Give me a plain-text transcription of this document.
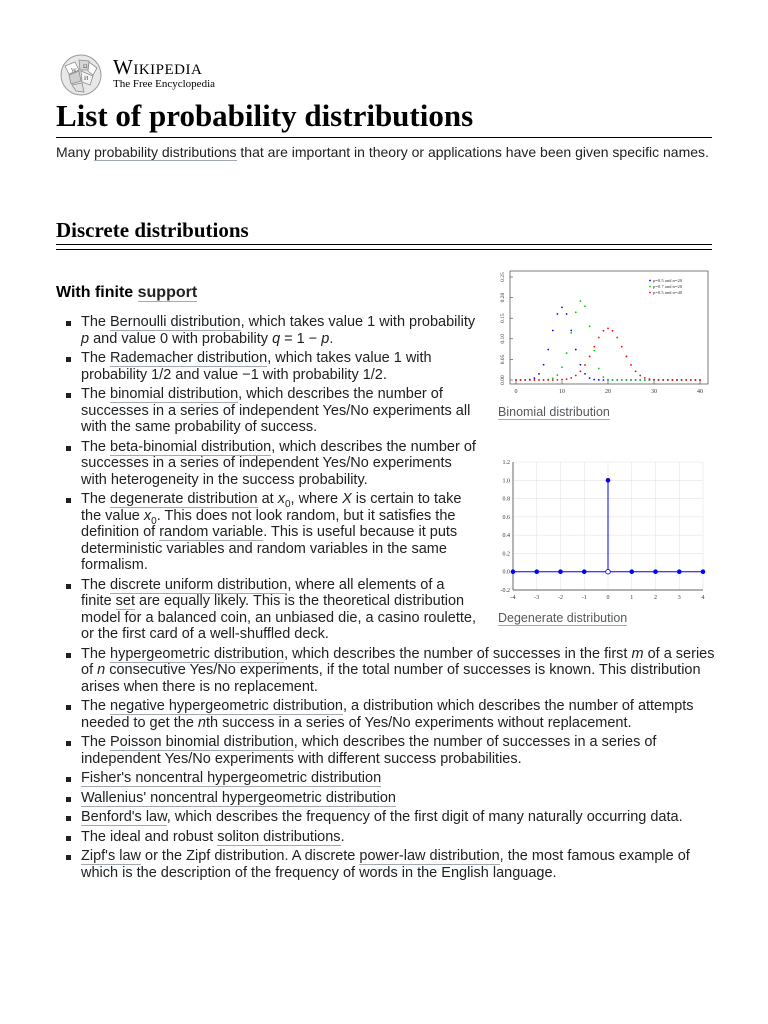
W
Ω
И Wikipedia
The Free Encyclopedia
List of probability distributions

Many probability distributions that are important in theory or applications have been given specific names.

Discrete distributions
With finite support
0.00
0.05
0.10
0.15
0.20
0.25
0	10	20	30	40
p=0.5 and n=20
p=0.7 and n=20
p=0.5 and n=40
Binomial distribution
-0.2
0.0
0.2
0.4
0.6
0.8
1.0
1.2
-4	-3	-2	-1	0	1	2	3	4
Degenerate distribution
The Bernoulli distribution, which takes value 1 with probability p and value 0 with probability q = 1 − p.
The Rademacher distribution, which takes value 1 with probability 1/2 and value −1 with probability 1/2.
The binomial distribution, which describes the number of successes in a series of independent Yes/No experiments all with the same probability of success.
The beta-binomial distribution, which describes the number of successes in a series of independent Yes/No experiments with heterogeneity in the success probability.
The degenerate distribution at $x_0$, where X is certain to take the value $x_0$. This does not look random, but it satisfies the definition of random variable. This is useful because it puts deterministic variables and random variables in the same formalism.
The discrete uniform distribution, where all elements of a finite set are equally likely. This is the theoretical distribution model for a balanced coin, an unbiased die, a casino roulette, or the first card of a well-shuffled deck.
The hypergeometric distribution, which describes the number of successes in the first m of a series of n consecutive Yes/No experiments, if the total number of successes is known. This distribution arises when there is no replacement.
The negative hypergeometric distribution, a distribution which describes the number of attempts needed to get the nth success in a series of Yes/No experiments without replacement.
The Poisson binomial distribution, which describes the number of successes in a series of independent Yes/No experiments with different success probabilities.
Fisher's noncentral hypergeometric distribution
Wallenius' noncentral hypergeometric distribution
Benford's law, which describes the frequency of the first digit of many naturally occurring data.
The ideal and robust soliton distributions.
Zipf's law or the Zipf distribution. A discrete power-law distribution, the most famous example of which is the description of the frequency of words in the English language.
